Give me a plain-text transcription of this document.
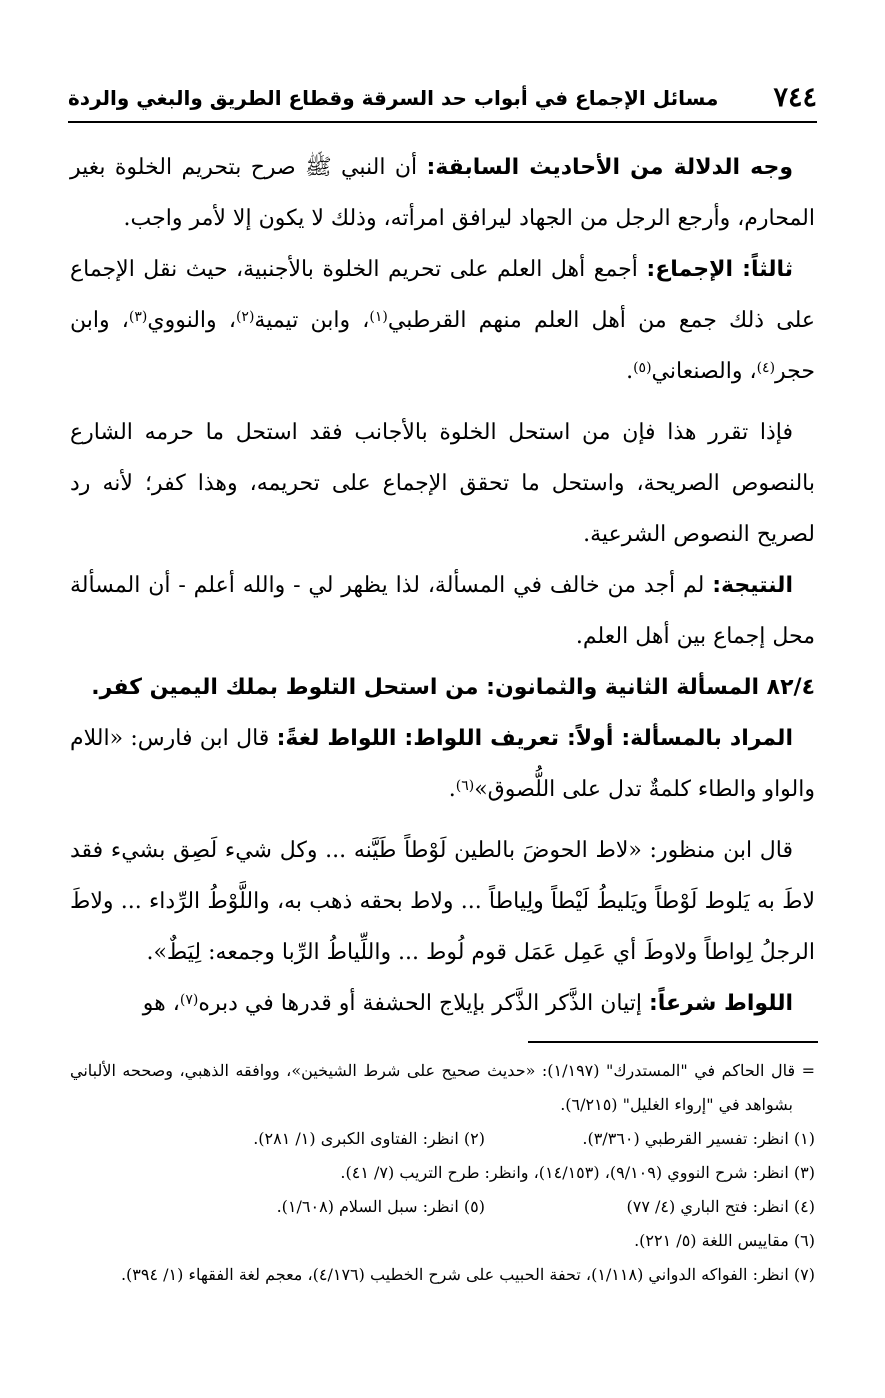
٧٤٤
مسائل الإجماع في أبواب حد السرقة وقطاع الطريق والبغي والردة

وجه الدلالة من الأحاديث السابقة: أن النبي ﷺ صرح بتحريم الخلوة بغير المحارم، وأرجع الرجل من الجهاد ليرافق امرأته، وذلك لا يكون إلا لأمر واجب.

ثالثاً: الإجماع: أجمع أهل العلم على تحريم الخلوة بالأجنبية، حيث نقل الإجماع على ذلك جمع من أهل العلم منهم القرطبي$^{(١)}$، وابن تيمية$^{(٢)}$، والنووي$^{(٣)}$، وابن حجر$^{(٤)}$، والصنعاني$^{(٥)}$.

فإذا تقرر هذا فإن من استحل الخلوة بالأجانب فقد استحل ما حرمه الشارع بالنصوص الصريحة، واستحل ما تحقق الإجماع على تحريمه، وهذا كفر؛ لأنه رد لصريح النصوص الشرعية.

النتيجة: لم أجد من خالف في المسألة، لذا يظهر لي - والله أعلم - أن المسألة محل إجماع بين أهل العلم.

٨٢/٤ المسألة الثانية والثمانون: من استحل التلوط بملك اليمين كفر.

المراد بالمسألة: أولاً: تعريف اللواط: اللواط لغةً: قال ابن فارس: «اللام والواو والطاء كلمةٌ تدل على اللُّصوق»$^{(٦)}$.

قال ابن منظور: «لاط الحوضَ بالطين لَوْطاً طَيَّنه ... وكل شيء لَصِق بشيء فقد لاطَ به يَلوط لَوْطاً ويَليطُ لَيْطاً ولِياطاً ... ولاط بحقه ذهب به، واللَّوْطُ الرِّداء ... ولاطَ الرجلُ لِواطاً ولاوطَ أي عَمِل عَمَل قوم لُوط ... واللِّياطُ الرِّبا وجمعه: لِيَطٌ».

اللواط شرعاً: إتيان الذَّكر الذَّكر بإيلاج الحشفة أو قدرها في دبره$^{(٧)}$، هو

= قال الحاكم في "المستدرك" (١/١٩٧): «حديث صحيح على شرط الشيخين»، ووافقه الذهبي، وصححه الألباني بشواهد في "إرواء الغليل" (٦/٢١٥).

(١) انظر: تفسير القرطبي (٣/٣٦٠).
(٢) انظر: الفتاوى الكبرى (١/ ٢٨١).

(٣) انظر: شرح النووي (٩/١٠٩)، (١٤/١٥٣)، وانظر: طرح التريب (٧/ ٤١).

(٤) انظر: فتح الباري (٤/ ٧٧)
(٥) انظر: سبل السلام (١/٦٠٨).

(٦) مقاييس اللغة (٥/ ٢٢١).

(٧) انظر: الفواكه الدواني (١/١١٨)، تحفة الحبيب على شرح الخطيب (٤/١٧٦)، معجم لغة الفقهاء (١/ ٣٩٤).
